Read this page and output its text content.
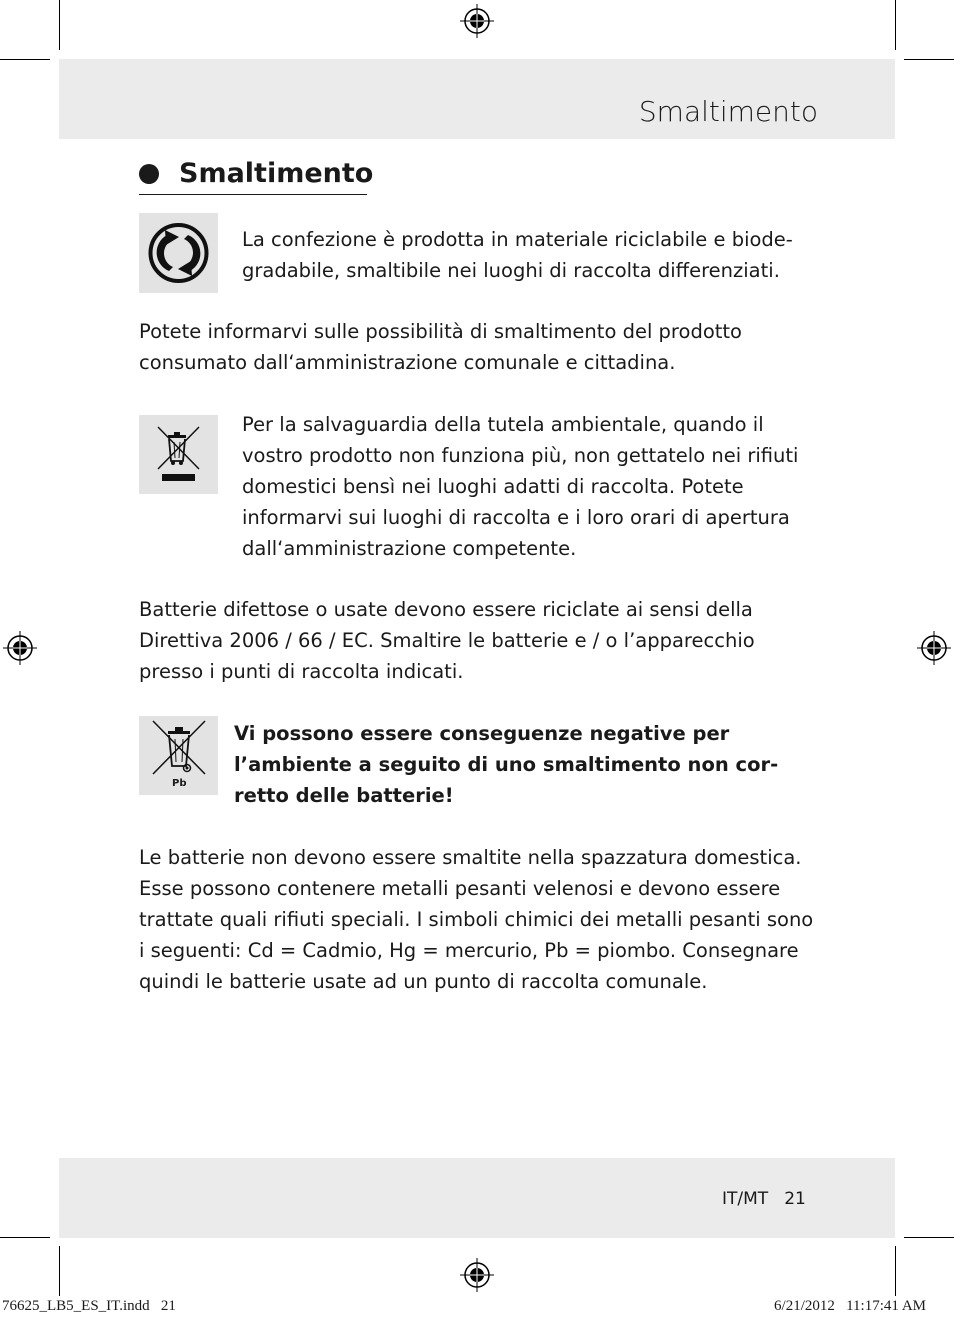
Smaltimento
Smaltimento

La confezione è prodotta in materiale riciclabile e biode-gradabile, smaltibile nei luoghi di raccolta differenziati.

Potete informarvi sulle possibilità di smaltimento del prodotto consumato dall‘amministrazione comunale e cittadina.

Per la salvaguardia della tutela ambientale, quando il vostro prodotto non funziona più, non gettatelo nei rifiuti domestici bensì nei luoghi adatti di raccolta. Potete informarvi sui luoghi di raccolta e i loro orari di apertura dall‘amministrazione competente.

Batterie difettose o usate devono essere riciclate ai sensi della Direttiva 2006 / 66 / EC. Smaltire le batterie e / o l’apparecchio presso i punti di raccolta indicati.

Pb

Vi possono essere conseguenze negative per l’ambiente a seguito di uno smaltimento non cor-retto delle batterie!

Le batterie non devono essere smaltite nella spazzatura domestica. Esse possono contenere metalli pesanti velenosi e devono essere trattate quali rifiuti speciali. I simboli chimici dei metalli pesanti sono i seguenti: Cd = Cadmio, Hg = mercurio, Pb = piombo. Consegnare quindi le batterie usate ad un punto di raccolta comunale.

IT/MT 21
76625_LB5_ES_IT.indd   21	6/21/2012   11:17:41 AM
